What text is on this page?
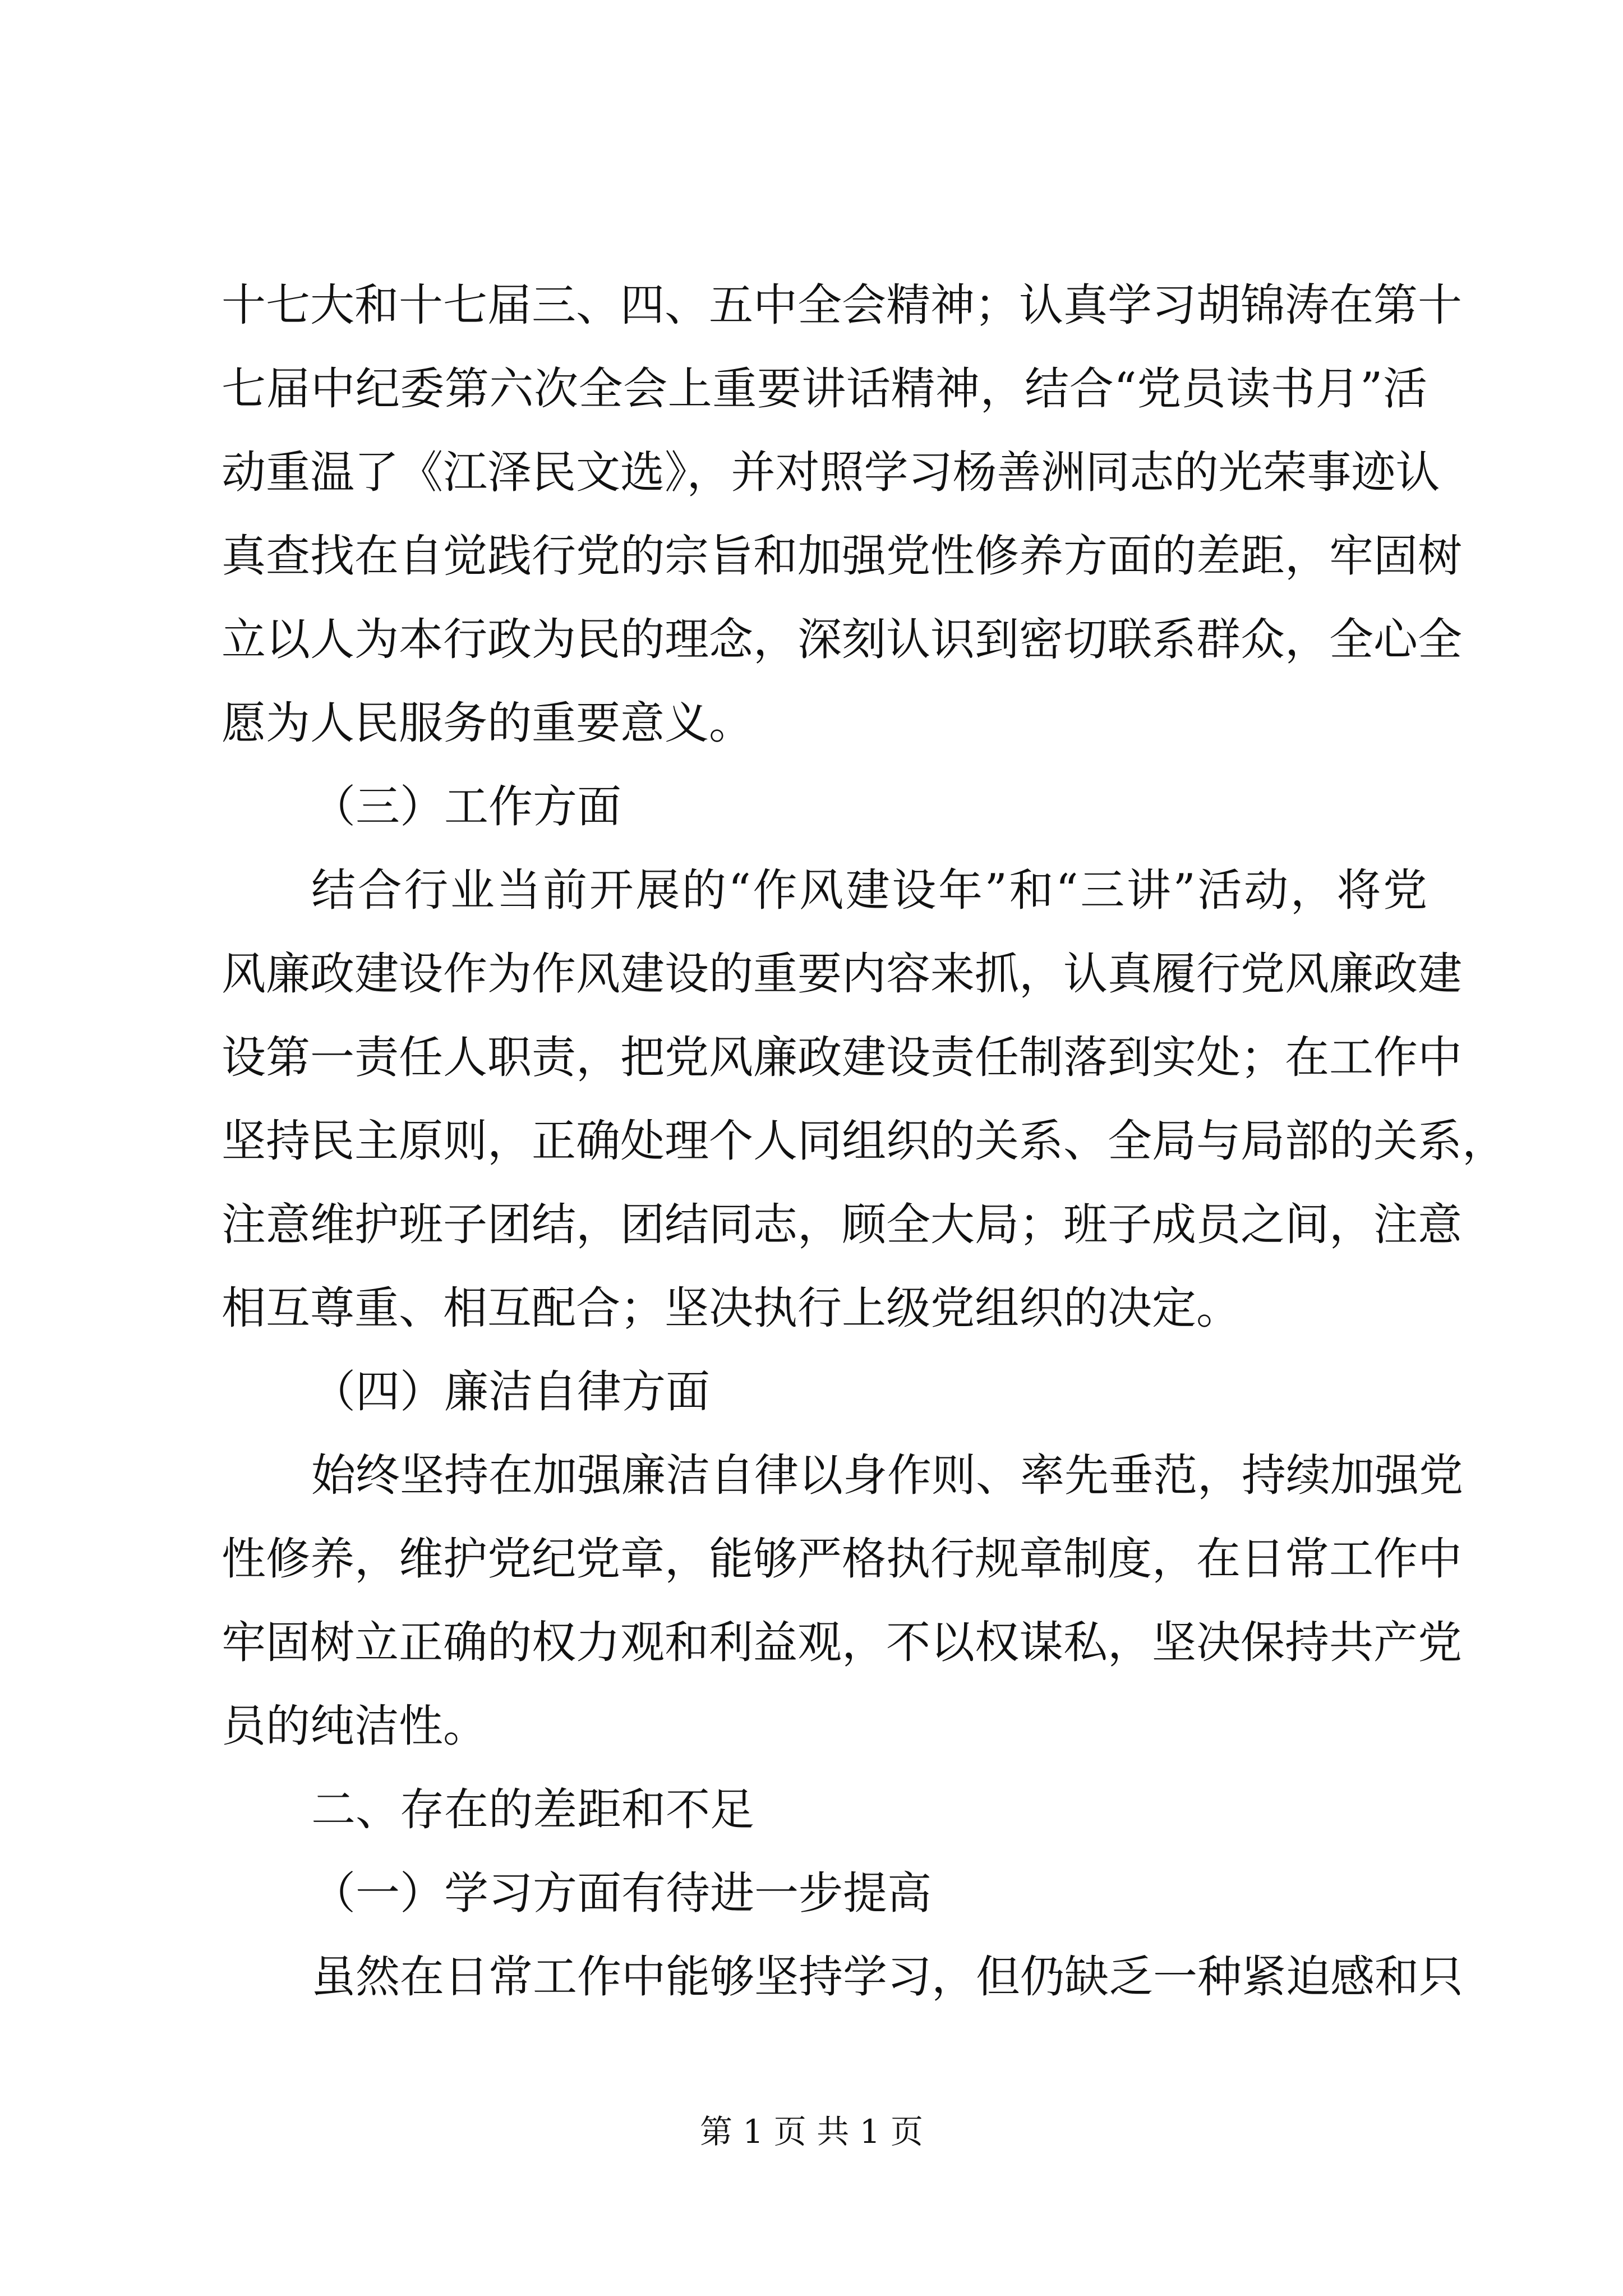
十七大和十七届三、四、五中全会精神；认真学习胡锦涛在第十
七届中纪委第六次全会上重要讲话精神，结合“党员读书月”活
动重温了《江泽民文选》，并对照学习杨善洲同志的光荣事迹认
真查找在自觉践行党的宗旨和加强党性修养方面的差距，牢固树
立以人为本行政为民的理念，深刻认识到密切联系群众，全心全
愿为人民服务的重要意义。
（三）工作方面
结合行业当前开展的“作风建设年”和“三讲”活动，将党
风廉政建设作为作风建设的重要内容来抓，认真履行党风廉政建
设第一责任人职责，把党风廉政建设责任制落到实处；在工作中
坚持民主原则，正确处理个人同组织的关系、全局与局部的关系，
注意维护班子团结，团结同志，顾全大局；班子成员之间，注意
相互尊重、相互配合；坚决执行上级党组织的决定。
（四）廉洁自律方面
始终坚持在加强廉洁自律以身作则、率先垂范，持续加强党
性修养，维护党纪党章，能够严格执行规章制度，在日常工作中
牢固树立正确的权力观和利益观，不以权谋私，坚决保持共产党
员的纯洁性。
二、存在的差距和不足
（一）学习方面有待进一步提高
虽然在日常工作中能够坚持学习，但仍缺乏一种紧迫感和只
第 1 页 共 1 页
